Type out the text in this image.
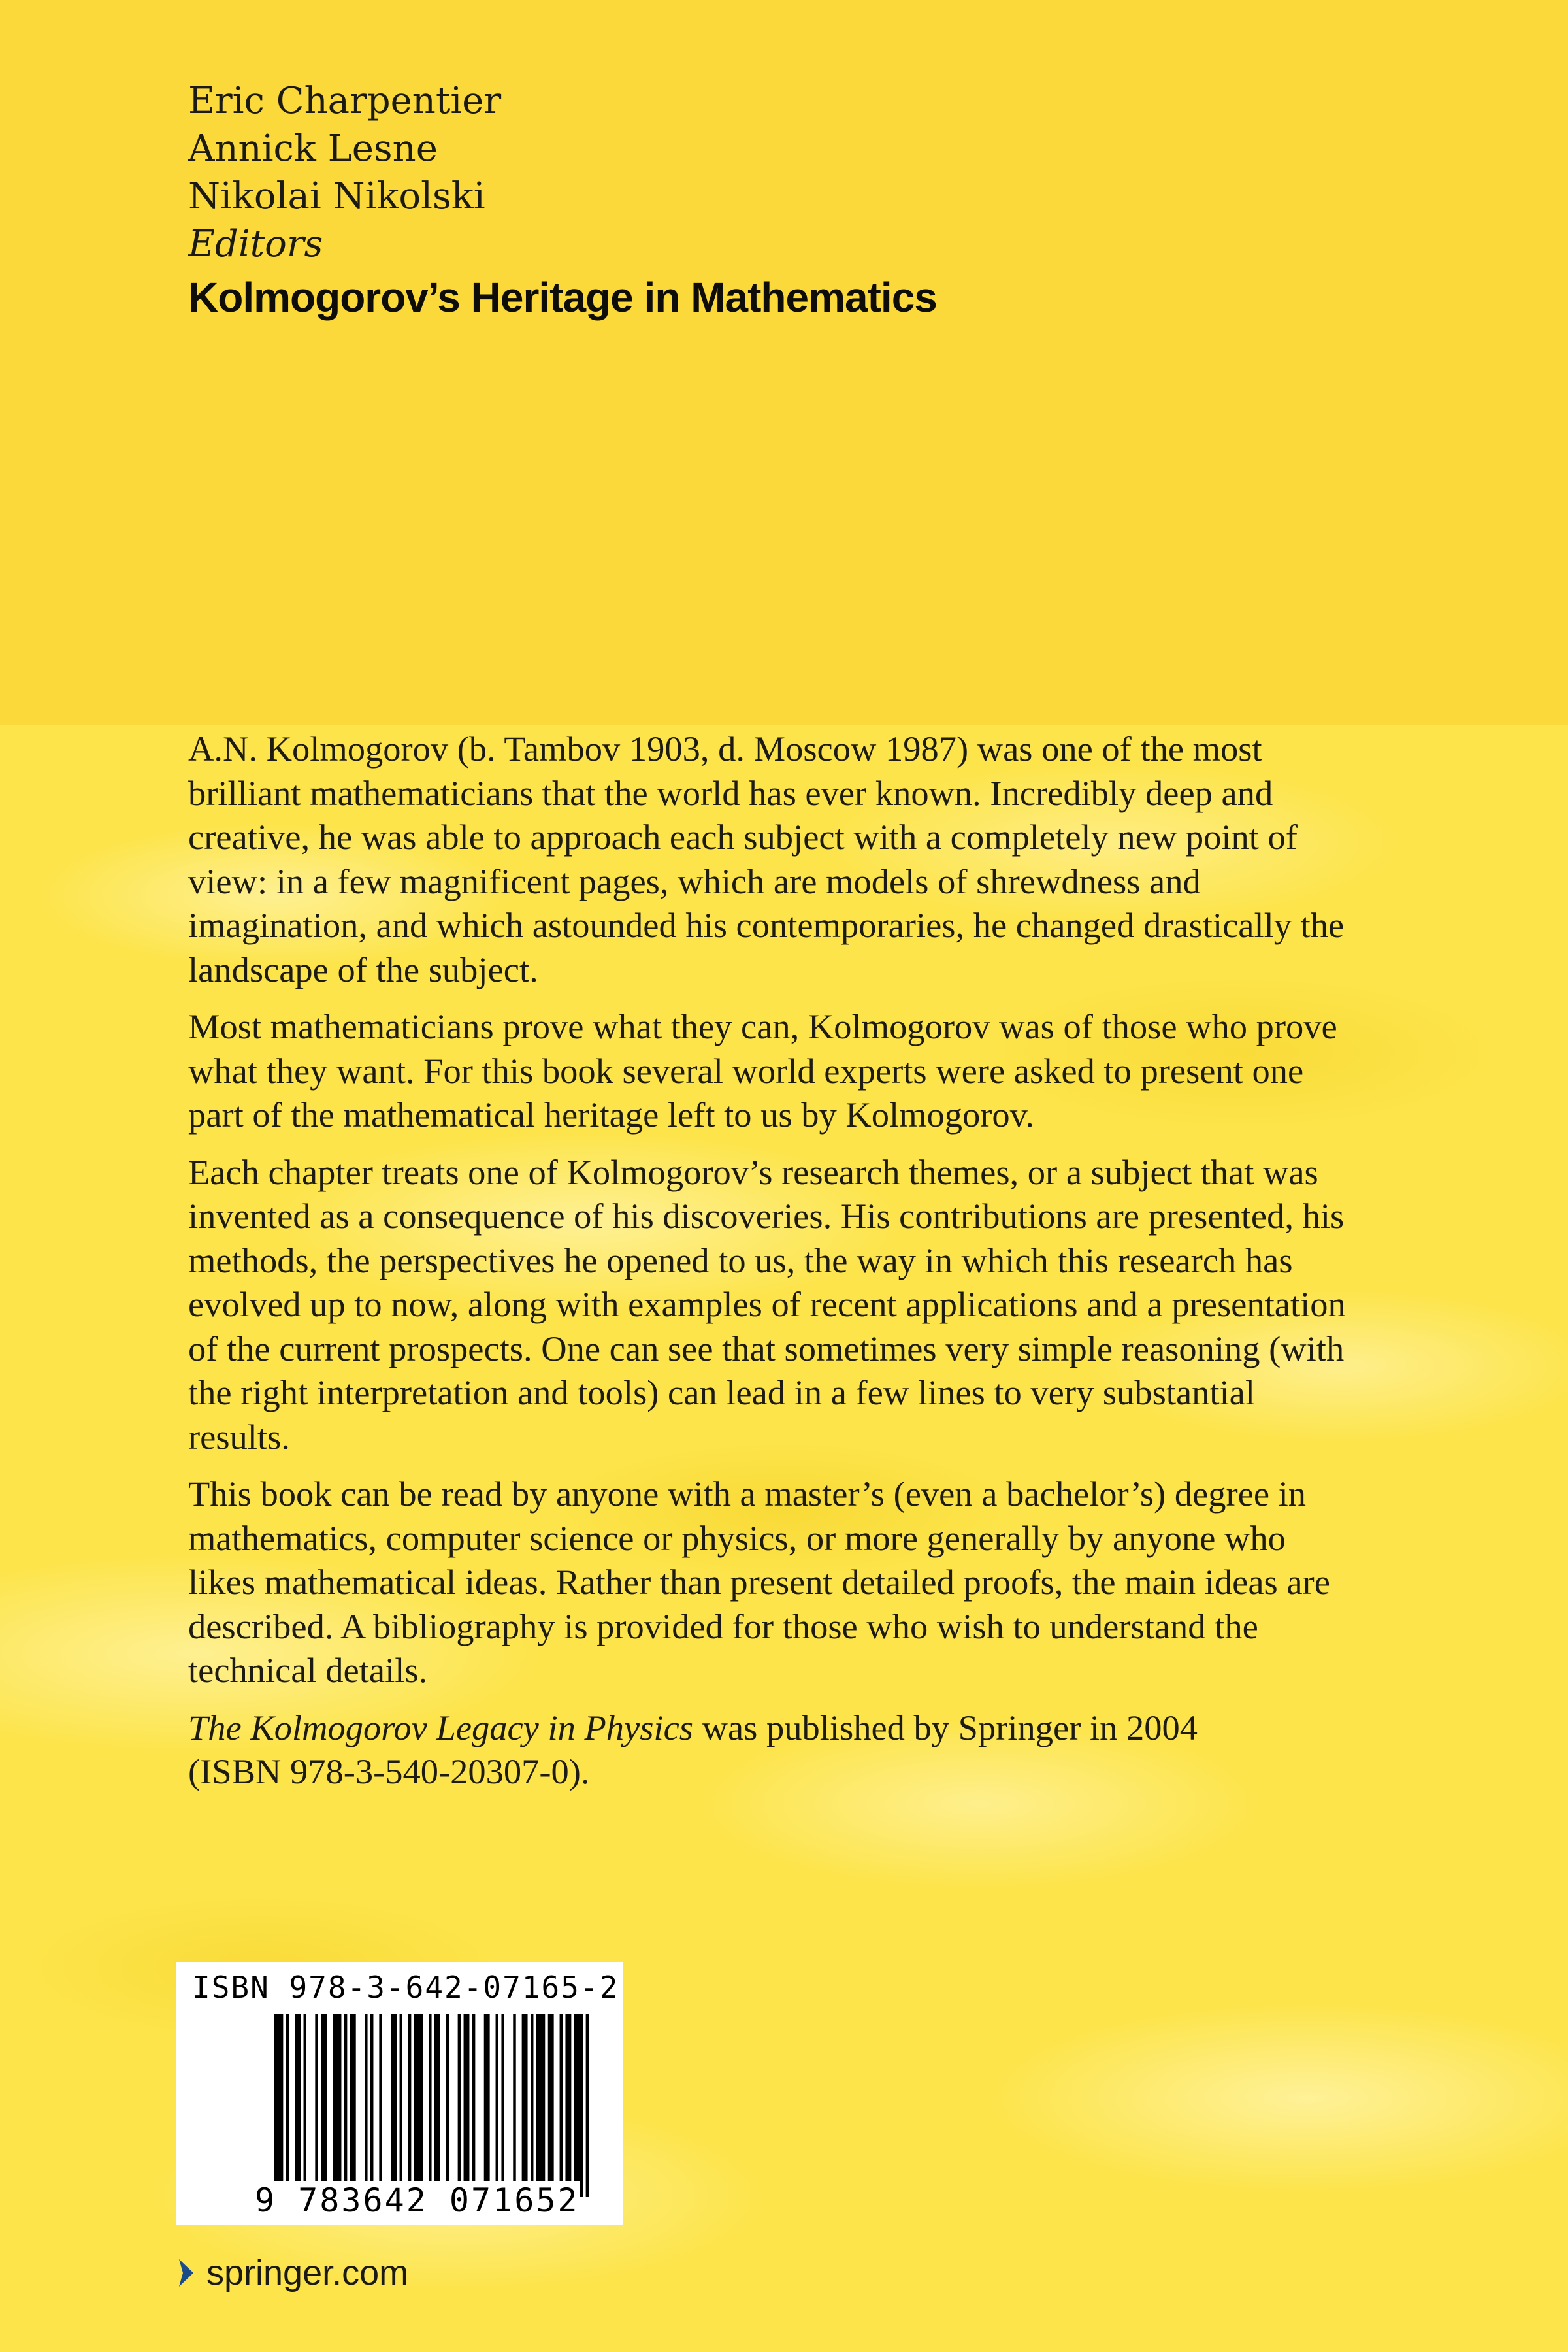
Eric Charpentier
Annick Lesne
Nikolai Nikolski
Editors
Kolmogorov’s Heritage in Mathematics

A.N. Kolmogorov (b. Tambov 1903, d. Moscow 1987) was one of the most brilliant mathematicians that the world has ever known. Incredibly deep and creative, he was able to approach each subject with a completely new point of view: in a few magnificent pages, which are models of shrewdness and imagination, and which astounded his contemporaries, he changed drastically the landscape of the subject.

Most mathematicians prove what they can, Kolmogorov was of those who prove what they want. For this book several world experts were asked to present one part of the mathematical heritage left to us by Kolmogorov.

Each chapter treats one of Kolmogorov’s research themes, or a subject that was invented as a consequence of his discoveries. His contributions are presented, his methods, the perspectives he opened to us, the way in which this research has evolved up to now, along with examples of recent applications and a presentation of the current prospects. One can see that sometimes very simple reasoning (with the right interpretation and tools) can lead in a few lines to very substantial results.

This book can be read by anyone with a master’s (even a bachelor’s) degree in mathematics, computer science or physics, or more generally by anyone who likes mathematical ideas. Rather than present detailed proofs, the main ideas are described. A bibliography is provided for those who wish to understand the technical details.

The Kolmogorov Legacy in Physics was published by Springer in 2004
(ISBN 978-3-540-20307-0).

ISBN 978-3-642-07165-2
9 783642 071652
springer.com
